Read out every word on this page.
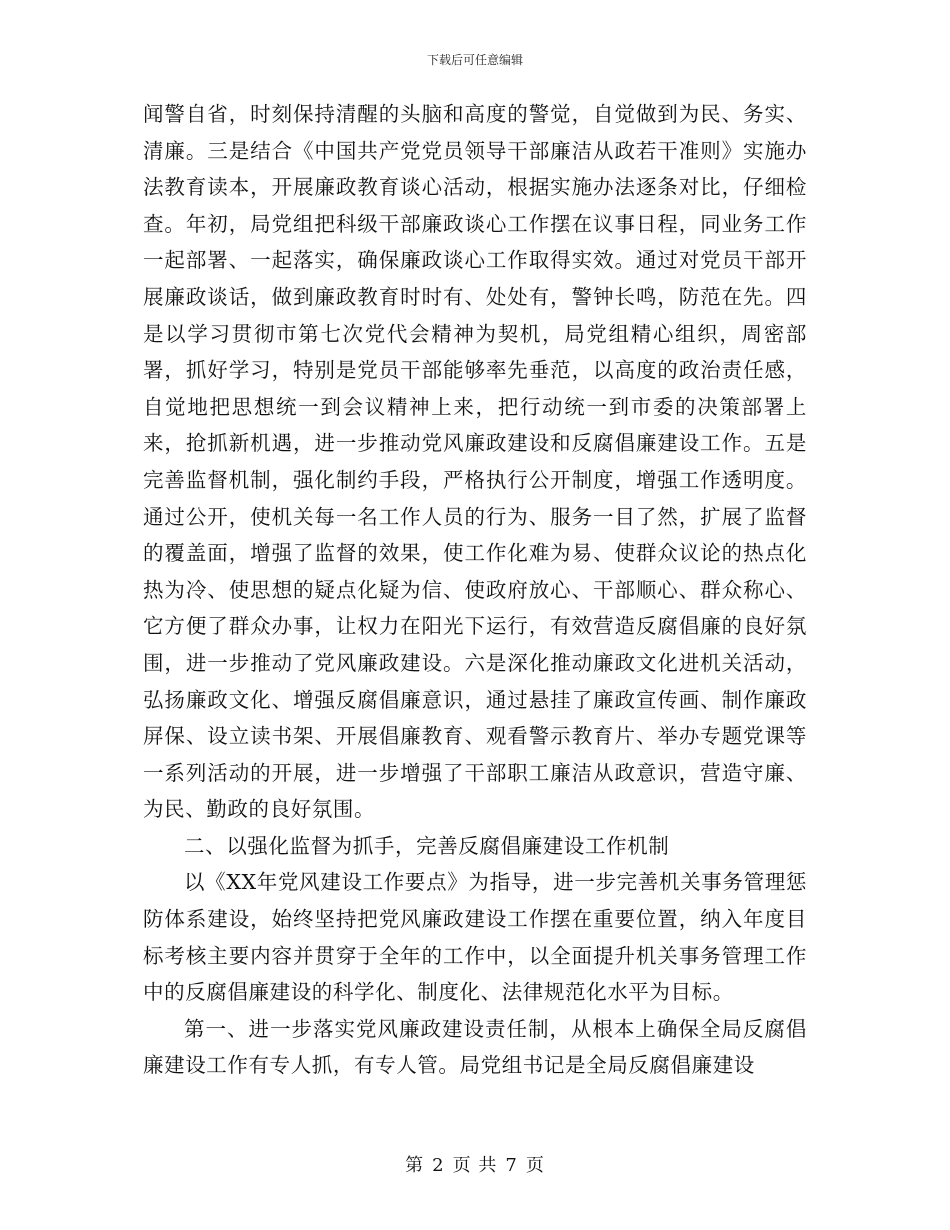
下载后可任意编辑

闻警自省，时刻保持清醒的头脑和高度的警觉，自觉做到为民、务实、清廉。三是结合《中国共产党党员领导干部廉洁从政若干准则》实施办法教育读本，开展廉政教育谈心活动，根据实施办法逐条对比，仔细检查。年初，局党组把科级干部廉政谈心工作摆在议事日程，同业务工作一起部署、一起落实，确保廉政谈心工作取得实效。通过对党员干部开展廉政谈话，做到廉政教育时时有、处处有，警钟长鸣，防范在先。四是以学习贯彻市第七次党代会精神为契机，局党组精心组织，周密部署，抓好学习，特别是党员干部能够率先垂范，以高度的政治责任感，自觉地把思想统一到会议精神上来，把行动统一到市委的决策部署上来，抢抓新机遇，进一步推动党风廉政建设和反腐倡廉建设工作。五是完善监督机制，强化制约手段，严格执行公开制度，增强工作透明度。通过公开，使机关每一名工作人员的行为、服务一目了然，扩展了监督的覆盖面，增强了监督的效果，使工作化难为易、使群众议论的热点化热为冷、使思想的疑点化疑为信、使政府放心、干部顺心、群众称心、它方便了群众办事，让权力在阳光下运行，有效营造反腐倡廉的良好氛围，进一步推动了党风廉政建设。六是深化推动廉政文化进机关活动，弘扬廉政文化、增强反腐倡廉意识，通过悬挂了廉政宣传画、制作廉政屏保、设立读书架、开展倡廉教育、观看警示教育片、举办专题党课等一系列活动的开展，进一步增强了干部职工廉洁从政意识，营造守廉、为民、勤政的良好氛围。

二、以强化监督为抓手，完善反腐倡廉建设工作机制

以《XX年党风建设工作要点》为指导，进一步完善机关事务管理惩防体系建设，始终坚持把党风廉政建设工作摆在重要位置，纳入年度目标考核主要内容并贯穿于全年的工作中，以全面提升机关事务管理工作中的反腐倡廉建设的科学化、制度化、法律规范化水平为目标。

第一、进一步落实党风廉政建设责任制，从根本上确保全局反腐倡廉建设工作有专人抓，有专人管。局党组书记是全局反腐倡廉建设

第 2 页 共 7 页
